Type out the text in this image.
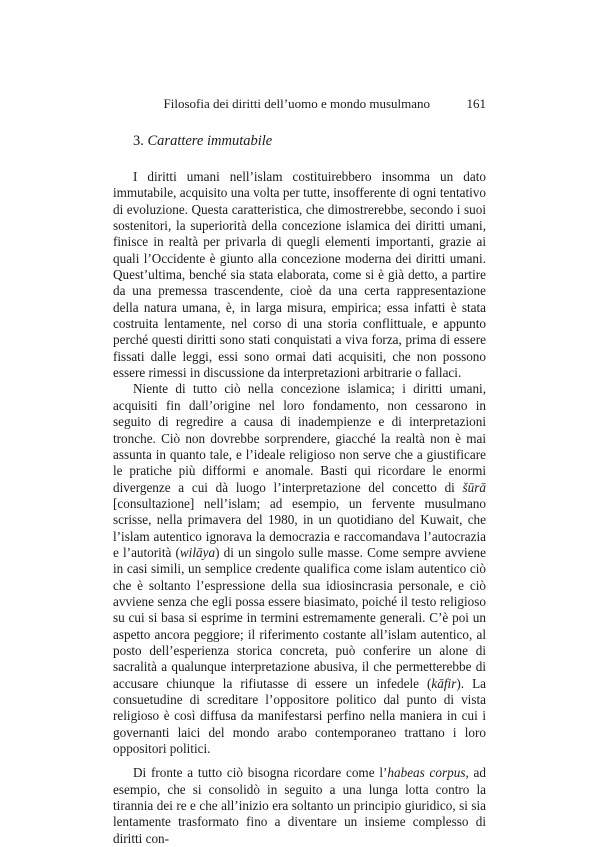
Filosofia dei diritti dell’uomo e mondo musulmano	161
3. Carattere immutabile

I diritti umani nell’islam costituirebbero insomma un dato immutabile, acquisito una volta per tutte, insofferente di ogni tentativo di evoluzione. Questa caratteristica, che dimostrerebbe, secondo i suoi sostenitori, la superiorità della concezione islamica dei diritti umani, finisce in realtà per privarla di quegli elementi importanti, grazie ai quali l’Occidente è giunto alla concezione moderna dei diritti umani. Quest’ultima, benché sia stata elaborata, come si è già detto, a partire da una premessa trascendente, cioè da una certa rappresentazione della natura umana, è, in larga misura, empirica; essa infatti è stata costruita lentamente, nel corso di una storia conflittuale, e appunto perché questi diritti sono stati conquistati a viva forza, prima di essere fissati dalle leggi, essi sono ormai dati acquisiti, che non possono essere rimessi in discussione da interpretazioni arbitrarie o fallaci.

Niente di tutto ciò nella concezione islamica; i diritti umani, acquisiti fin dall’origine nel loro fondamento, non cessarono in seguito di regredire a causa di inadempienze e di interpretazioni tronche. Ciò non dovrebbe sorprendere, giacché la realtà non è mai assunta in quanto tale, e l’ideale religioso non serve che a giustificare le pratiche più difformi e anomale. Basti qui ricordare le enormi divergenze a cui dà luogo l’interpretazione del concetto di šūrā [consultazione] nell’islam; ad esempio, un fervente musulmano scrisse, nella primavera del 1980, in un quotidiano del Kuwait, che l’islam autentico ignorava la democrazia e raccomandava l’autocrazia e l’autorità (wilāya) di un singolo sulle masse. Come sempre avviene in casi simili, un semplice credente qualifica come islam autentico ciò che è soltanto l’espressione della sua idiosincrasia personale, e ciò avviene senza che egli possa essere biasimato, poiché il testo religioso su cui si basa si esprime in termini estremamente generali. C’è poi un aspetto ancora peggiore; il riferimento costante all’islam autentico, al posto dell’esperienza storica concreta, può conferire un alone di sacralità a qualunque interpretazione abusiva, il che permetterebbe di accusare chiunque la rifiutasse di essere un infedele (kāfir). La consuetudine di screditare l’oppositore politico dal punto di vista religioso è così diffusa da manifestarsi perfino nella maniera in cui i governanti laici del mondo arabo contemporaneo trattano i loro oppositori politici.

Di fronte a tutto ciò bisogna ricordare come l’habeas corpus, ad esempio, che si consolidò in seguito a una lunga lotta contro la tirannia dei re e che all’inizio era soltanto un principio giuridico, si sia lentamente trasformato fino a diventare un insieme complesso di diritti con-
